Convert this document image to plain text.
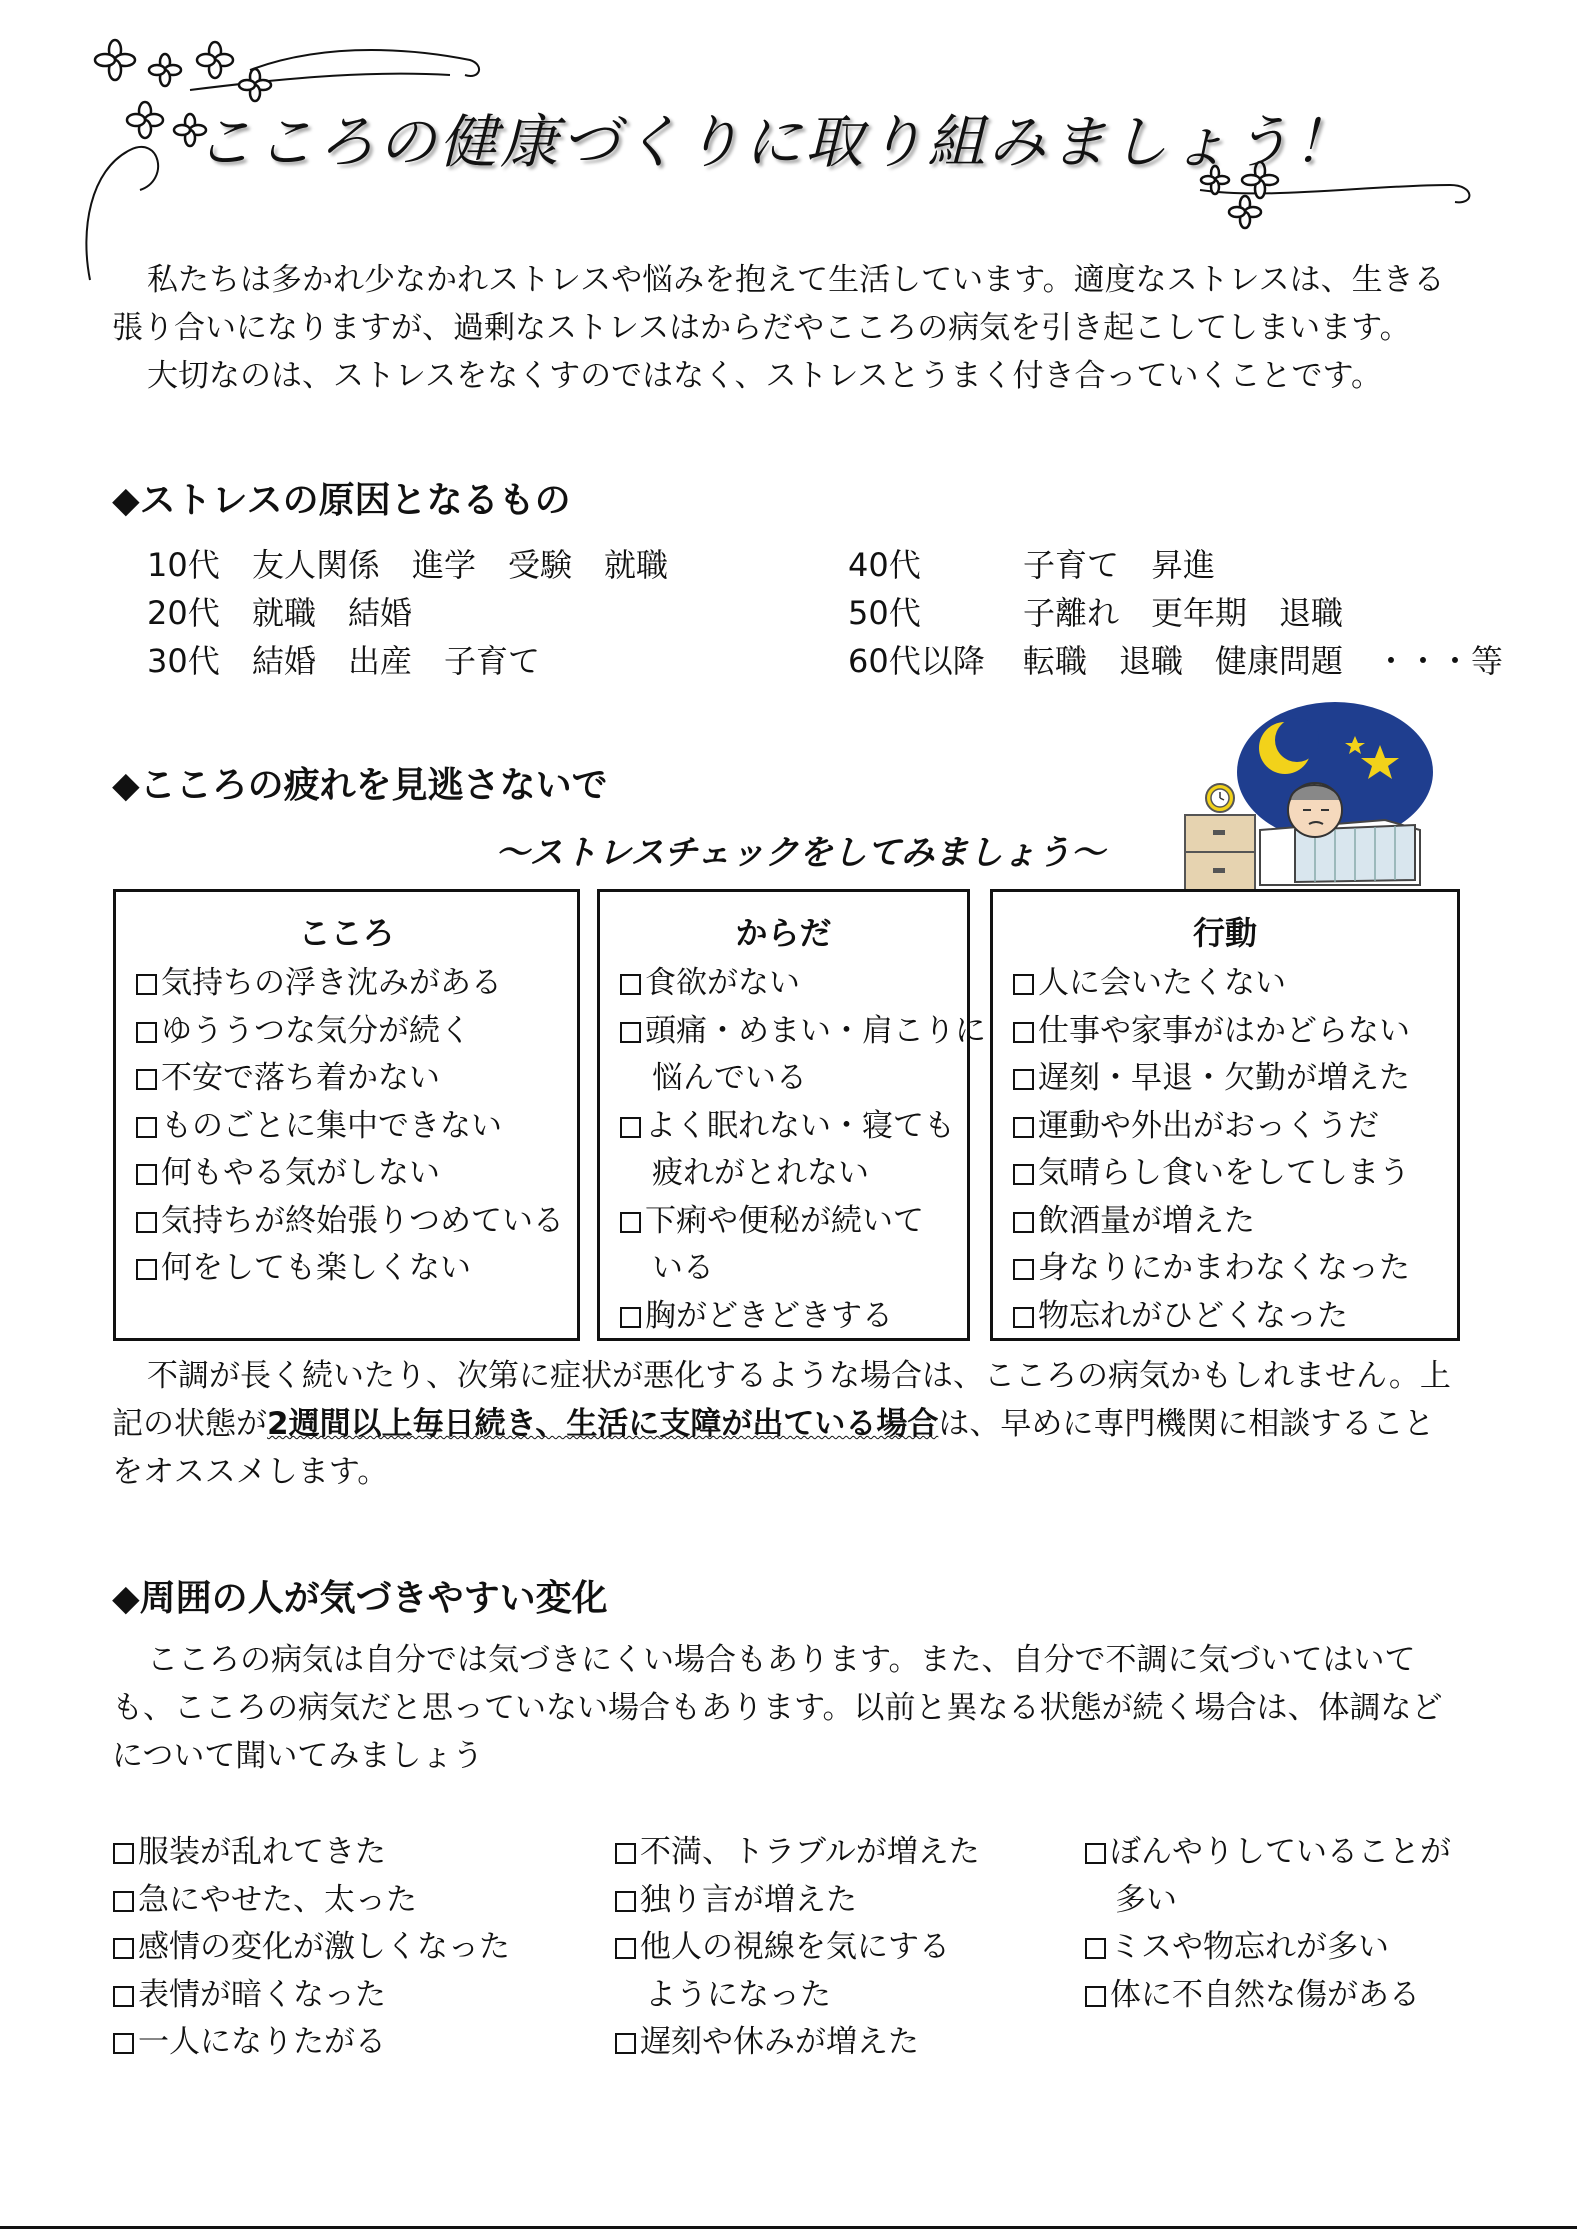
こころの健康づくりに取り組みましょう！
私たちは多かれ少なかれストレスや悩みを抱えて生活しています。適度なストレスは、生きる張り合いになりますが、過剰なストレスはからだやこころの病気を引き起こしてしまいます。
大切なのは、ストレスをなくすのではなく、ストレスとうまく付き合っていくことです。
◆ストレスの原因となるもの
10代 友人関係　進学　受験　就職
20代 就職　結婚
30代 結婚　出産　子育て
40代	子育て　昇進
50代	子離れ　更年期　退職
60代以降 転職　退職　健康問題　・・・等
◆こころの疲れを見逃さないで
～ストレスチェックをしてみましょう～
こころ
気持ちの浮き沈みがある
ゆううつな気分が続く
不安で落ち着かない
ものごとに集中できない
何もやる気がしない
気持ちが終始張りつめている
何をしても楽しくない
からだ
食欲がない
頭痛・めまい・肩こりに
悩んでいる
よく眠れない・寝ても
疲れがとれない
下痢や便秘が続いて
いる
胸がどきどきする
行動
人に会いたくない
仕事や家事がはかどらない
遅刻・早退・欠勤が増えた
運動や外出がおっくうだ
気晴らし食いをしてしまう
飲酒量が増えた
身なりにかまわなくなった
物忘れがひどくなった
不調が長く続いたり、次第に症状が悪化するような場合は、こころの病気かもしれません。上記の状態が2週間以上毎日続き、生活に支障が出ている場合は、早めに専門機関に相談することをオススメします。
◆周囲の人が気づきやすい変化
こころの病気は自分では気づきにくい場合もあります。また、自分で不調に気づいてはいても、こころの病気だと思っていない場合もあります。以前と異なる状態が続く場合は、体調などについて聞いてみましょう
服装が乱れてきた
急にやせた、太った
感情の変化が激しくなった
表情が暗くなった
一人になりたがる
不満、トラブルが増えた
独り言が増えた
他人の視線を気にする
ようになった
遅刻や休みが増えた
ぼんやりしていることが
多い
ミスや物忘れが多い
体に不自然な傷がある
